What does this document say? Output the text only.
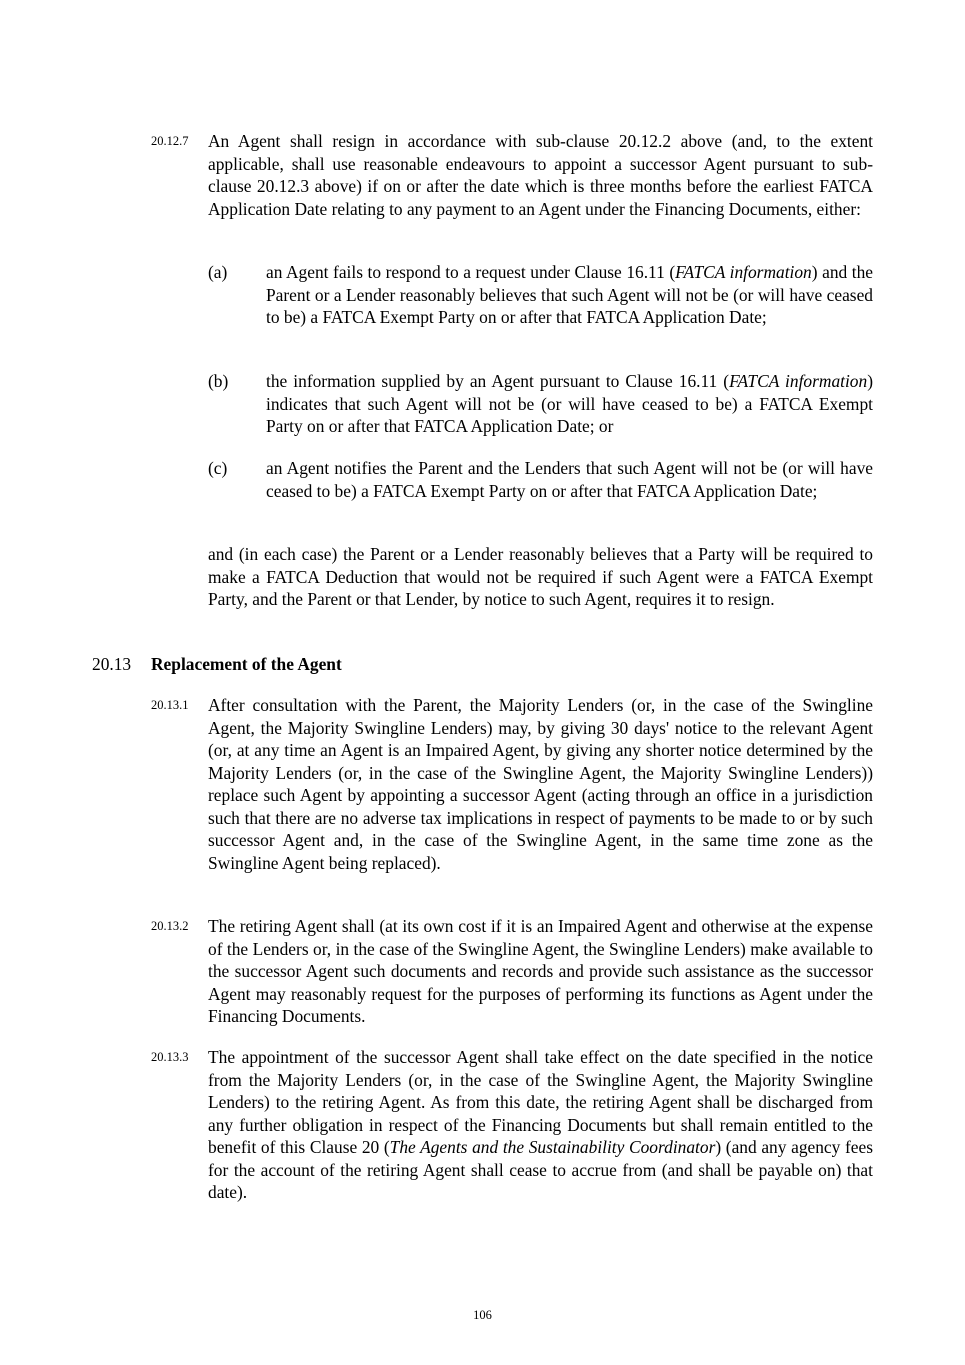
20.12.7 An Agent shall resign in accordance with sub-clause 20.12.2 above (and, to the extent applicable, shall use reasonable endeavours to appoint a successor Agent pursuant to sub-clause 20.12.3 above) if on or after the date which is three months before the earliest FATCA Application Date relating to any payment to an Agent under the Financing Documents, either:

(a)	an Agent fails to respond to a request under Clause 16.11 (FATCA information) and the Parent or a Lender reasonably believes that such Agent will not be (or will have ceased to be) a FATCA Exempt Party on or after that FATCA Application Date;

(b)	the information supplied by an Agent pursuant to Clause 16.11 (FATCA information) indicates that such Agent will not be (or will have ceased to be) a FATCA Exempt Party on or after that FATCA Application Date; or

(c)	an Agent notifies the Parent and the Lenders that such Agent will not be (or will have ceased to be) a FATCA Exempt Party on or after that FATCA Application Date;

and (in each case) the Parent or a Lender reasonably believes that a Party will be required to make a FATCA Deduction that would not be required if such Agent were a FATCA Exempt Party, and the Parent or that Lender, by notice to such Agent, requires it to resign.

20.13 Replacement of the Agent
20.13.1 After consultation with the Parent, the Majority Lenders (or, in the case of the Swingline Agent, the Majority Swingline Lenders) may, by giving 30 days' notice to the relevant Agent (or, at any time an Agent is an Impaired Agent, by giving any shorter notice determined by the Majority Lenders (or, in the case of the Swingline Agent, the Majority Swingline Lenders)) replace such Agent by appointing a successor Agent (acting through an office in a jurisdiction such that there are no adverse tax implications in respect of payments to be made to or by such successor Agent and, in the case of the Swingline Agent, in the same time zone as the Swingline Agent being replaced).

20.13.2 The retiring Agent shall (at its own cost if it is an Impaired Agent and otherwise at the expense of the Lenders or, in the case of the Swingline Agent, the Swingline Lenders) make available to the successor Agent such documents and records and provide such assistance as the successor Agent may reasonably request for the purposes of performing its functions as Agent under the Financing Documents.

20.13.3 The appointment of the successor Agent shall take effect on the date specified in the notice from the Majority Lenders (or, in the case of the Swingline Agent, the Majority Swingline Lenders) to the retiring Agent. As from this date, the retiring Agent shall be discharged from any further obligation in respect of the Financing Documents but shall remain entitled to the benefit of this Clause 20 (The Agents and the Sustainability Coordinator) (and any agency fees for the account of the retiring Agent shall cease to accrue from (and shall be payable on) that date).

106
